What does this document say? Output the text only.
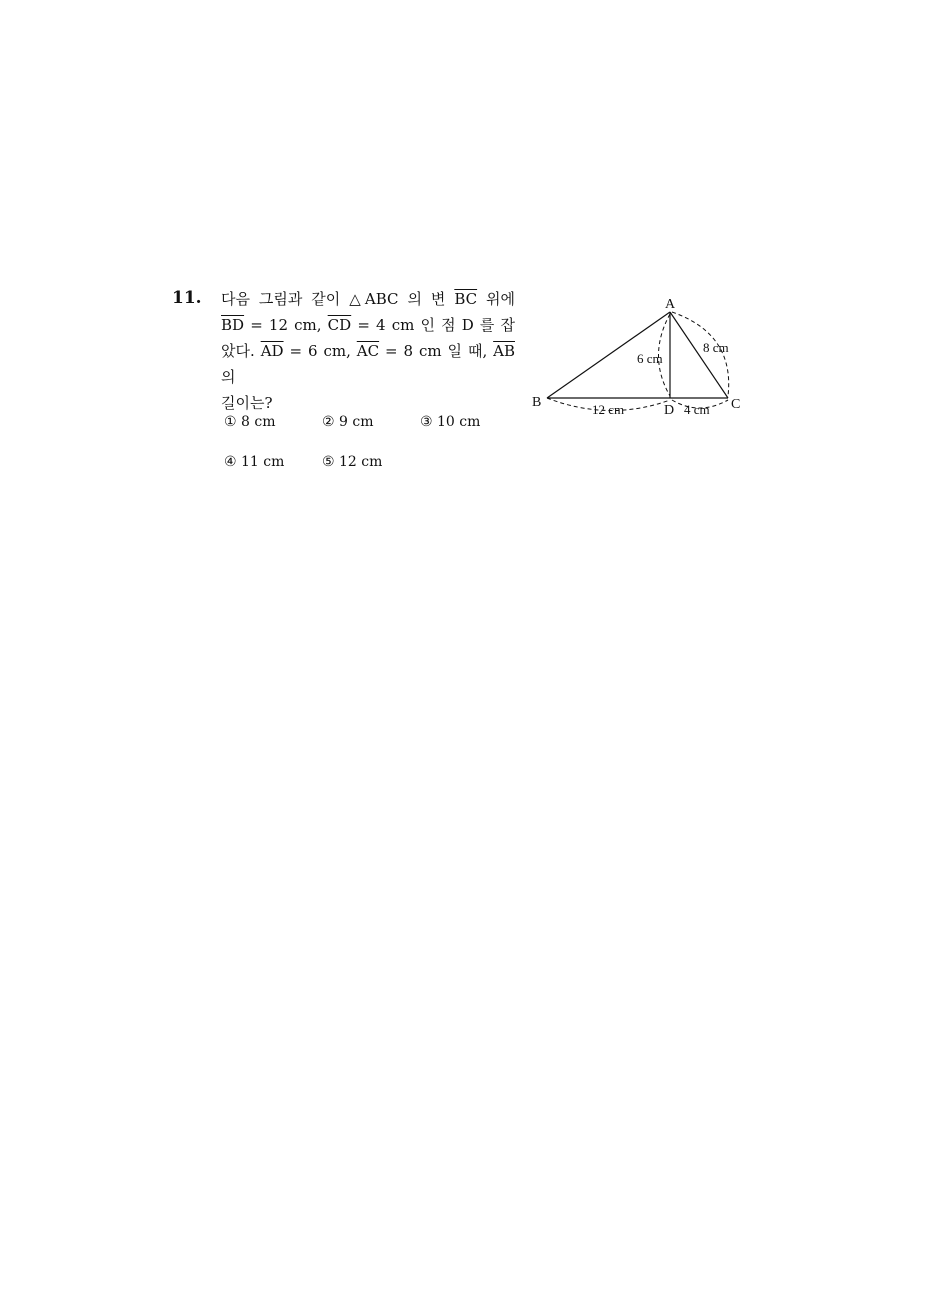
11. 다음 그림과 같이 △ABC 의 변 $\overline{BC}$ 위에
$\overline{BD} = 12$ cm, $\overline{CD} = 4$ cm 인 점 D 를 잡
았다. $\overline{AD} = 6$ cm, $\overline{AC} = 8$ cm 일 때, $\overline{AB}$ 의
길이는?
① 8 cm	② 9 cm	③ 10 cm
④ 11 cm	⑤ 12 cm
A
B	C
D
6 cm
8 cm
12 cm	4 cm
